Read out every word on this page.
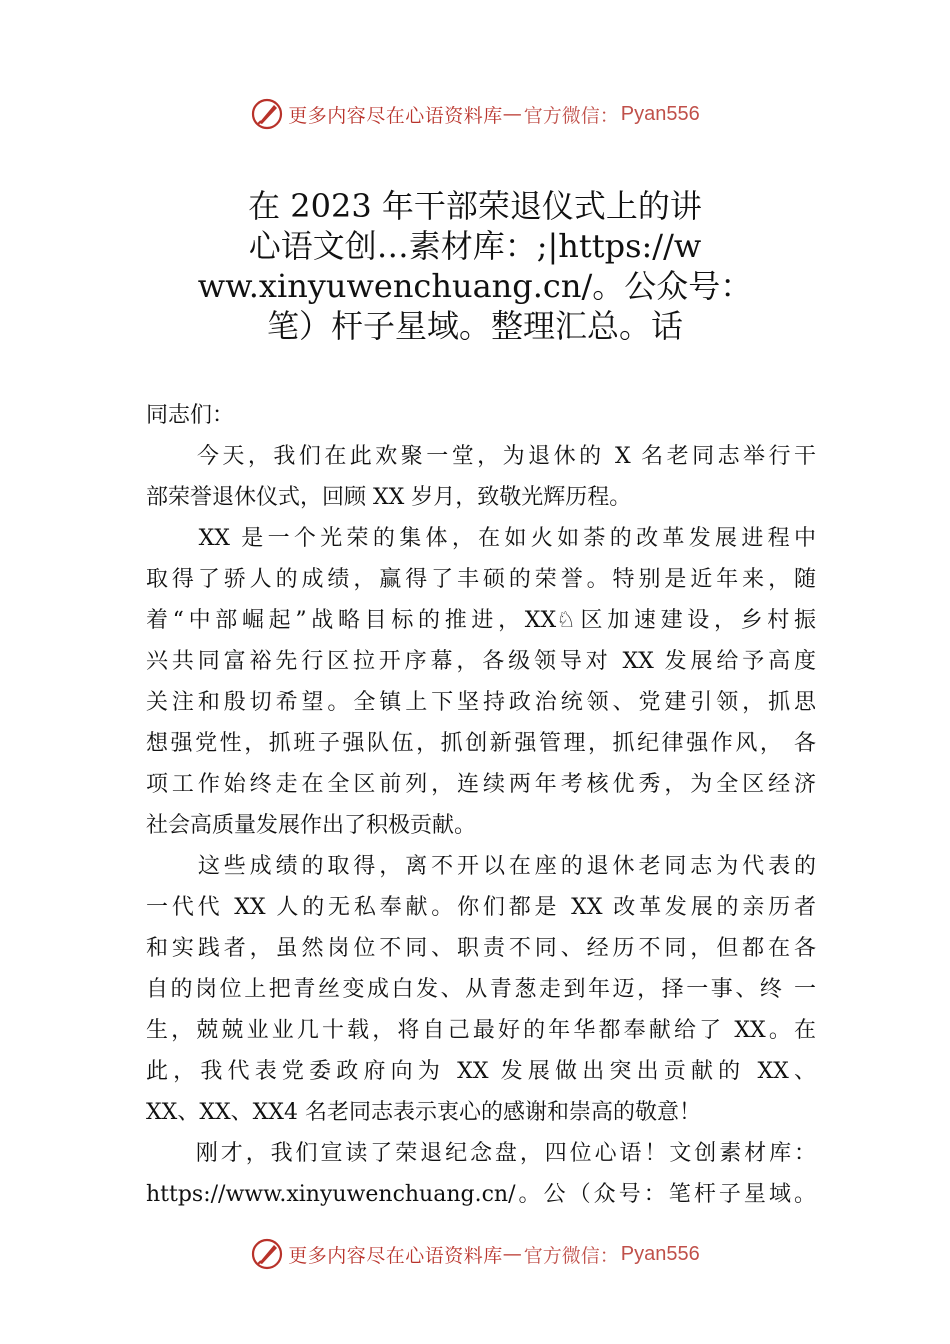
更多内容尽在心语资料库 — 官方微信： Pyan556
在 2023 年干部荣退仪式上的讲
心语文创…素材库：;|https://w
ww.xinyuwenchuang.cn/。公众号：
笔）杆子星域。整理汇总。话
同志们：
　　今天，我们在此欢聚一堂，为退休的 X 名老同志举行干
部荣誉退休仪式，回顾 XX 岁月，致敬光辉历程。
　　XX 是一个光荣的集体，在如火如荼的改革发展进程中
取得了骄人的成绩，赢得了丰硕的荣誉。特别是近年来，随
着“中部崛起”战略目标的推进，XX♘区加速建设，乡村振
兴共同富裕先行区拉开序幕，各级领导对 XX 发展给予高度
关注和殷切希望。全镇上下坚持政治统领、党建引领，抓思
想强党性，抓班子强队伍，抓创新强管理，抓纪律强作风， 各
项工作始终走在全区前列，连续两年考核优秀，为全区经济
社会高质量发展作出了积极贡献。
　　这些成绩的取得，离不开以在座的退休老同志为代表的
一代代 XX 人的无私奉献。你们都是 XX 改革发展的亲历者
和实践者，虽然岗位不同、职责不同、经历不同，但都在各
自的岗位上把青丝变成白发、从青葱走到年迈，择一事、终 一
生，兢兢业业几十载，将自己最好的年华都奉献给了 XX。在
此，我代表党委政府向为 XX 发展做出突出贡献的 XX、
XX、XX、XX4 名老同志表示衷心的感谢和崇高的敬意！
　　刚才，我们宣读了荣退纪念盘，四位心语！文创素材库：
https://www.xinyuwenchuang.cn/。公（众号：笔杆子星域。
更多内容尽在心语资料库 — 官方微信： Pyan556
